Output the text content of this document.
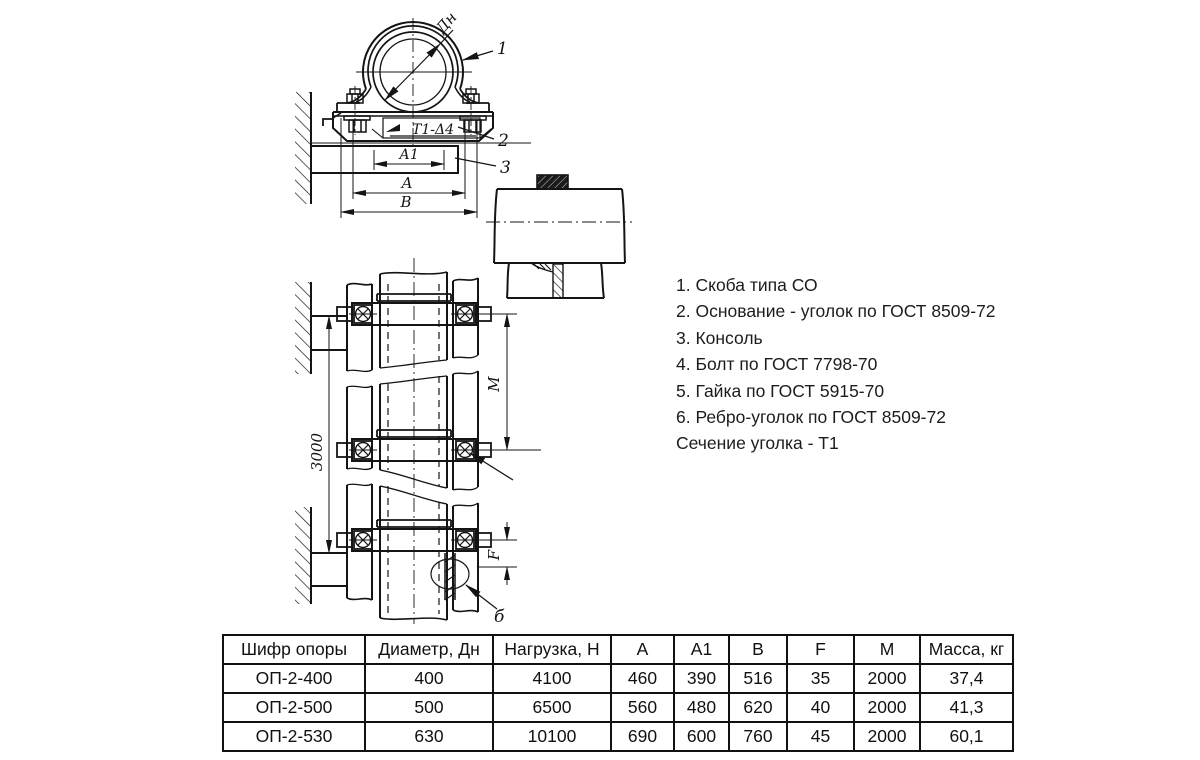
Дн
1
2
3
Т1-Δ4
А1
А
В
3000
М
F
б
1. Скоба типа СО
2. Основание - уголок по ГОСТ 8509-72
3. Консоль
4. Болт по ГОСТ 7798-70
5. Гайка по ГОСТ 5915-70
6. Ребро-уголок по ГОСТ 8509-72
Сечение уголка - Т1
Шифр опоры	Диаметр, Дн	Нагрузка, Н	А	А1	В	F	М	Масса, кг
ОП-2-400	400	4100	460	390	516	35	2000	37,4
ОП-2-500	500	6500	560	480	620	40	2000	41,3
ОП-2-530	630	10100	690	600	760	45	2000	60,1
